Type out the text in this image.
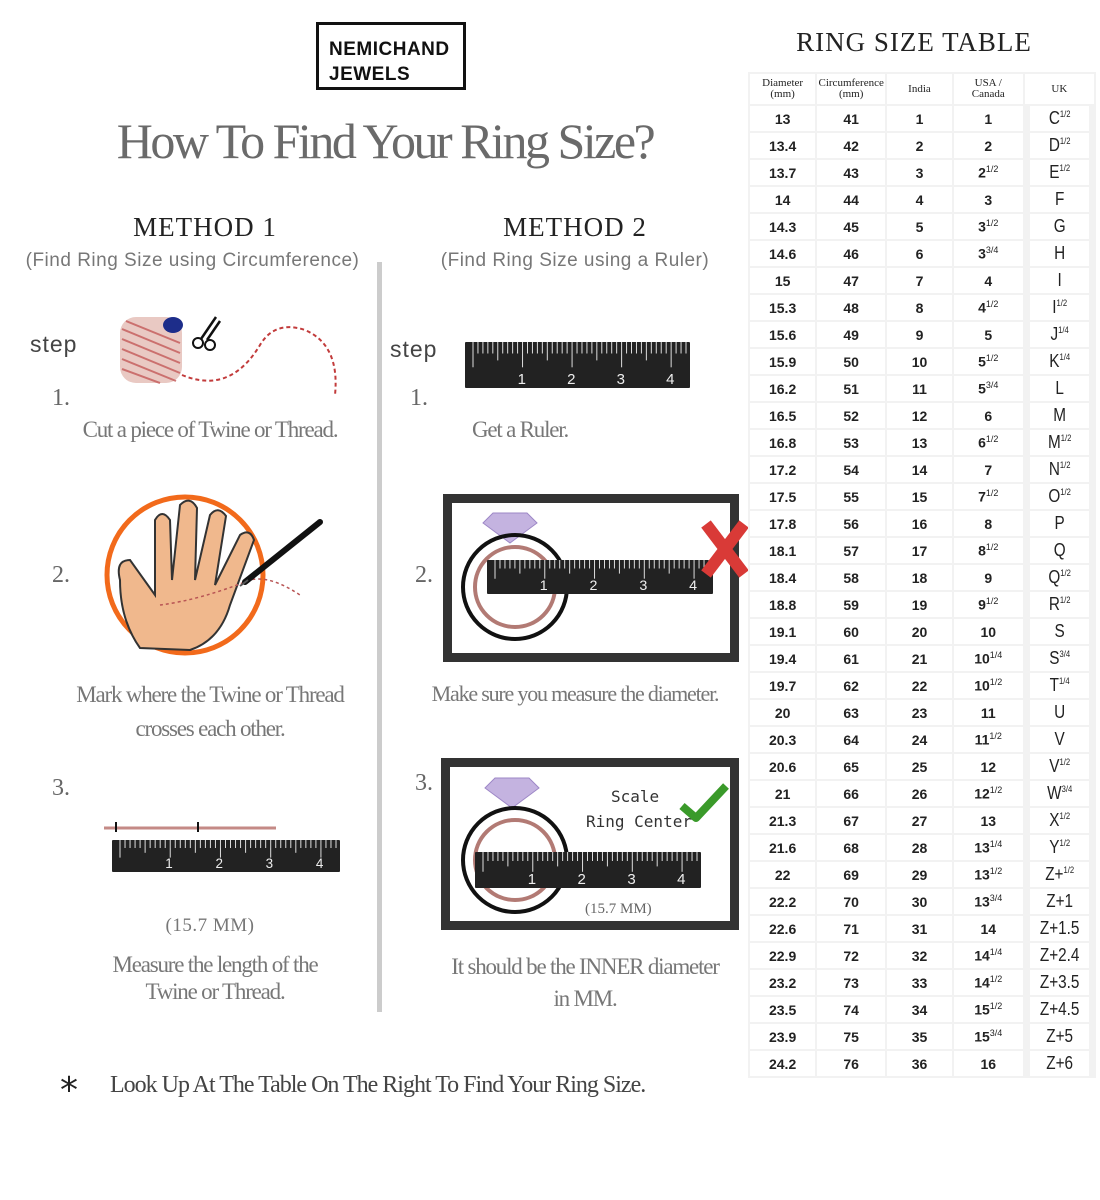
NEMICHAND
JEWELS
How To Find Your Ring Size?
METHOD 1
(Find Ring Size using Circumference)
METHOD 2
(Find Ring Size using a Ruler)
step
1.
Cut a piece of Twine or Thread.
2.
Mark where the Twine or Thread
crosses each other.
3.
1	2	3	4
(15.7 MM)
Measure the length of the
Twine or Thread.
step
1.
1	2	3	4
Get a Ruler.
2.	1	2	3	4
Make sure you measure the diameter.
3.
Scale
Ring Center
1	2	3	4
(15.7 MM)
It should be the INNER diameter
in MM.
* Look Up At The Table On The Right To Find Your Ring Size.
RING SIZE TABLE
Diameter
(mm)	Circumference
(mm)	India	USA /
Canada	UK
13	41	1	1	$C^{1/2}$
13.4	42	2	2	$D^{1/2}$
13.7	43	3	$2^{1/2}$	$E^{1/2}$
14	44	4	3	F
14.3	45	5	$3^{1/2}$	G
14.6	46	6	$3^{3/4}$	H
15	47	7	4	I
15.3	48	8	$4^{1/2}$	$I^{1/2}$
15.6	49	9	5	$J^{1/4}$
15.9	50	10	$5^{1/2}$	$K^{1/4}$
16.2	51	11	$5^{3/4}$	L
16.5	52	12	6	M
16.8	53	13	$6^{1/2}$	$M^{1/2}$
17.2	54	14	7	$N^{1/2}$
17.5	55	15	$7^{1/2}$	$O^{1/2}$
17.8	56	16	8	P
18.1	57	17	$8^{1/2}$	Q
18.4	58	18	9	$Q^{1/2}$
18.8	59	19	$9^{1/2}$	$R^{1/2}$
19.1	60	20	10	S
19.4	61	21	$10^{1/4}$	$S^{3/4}$
19.7	62	22	$10^{1/2}$	$T^{1/4}$
20	63	23	11	U
20.3	64	24	$11^{1/2}$	V
20.6	65	25	12	$V^{1/2}$
21	66	26	$12^{1/2}$	$W^{3/4}$
21.3	67	27	13	$X^{1/2}$
21.6	68	28	$13^{1/4}$	$Y^{1/2}$
22	69	29	$13^{1/2}$	Z+$^{1/2}$
22.2	70	30	$13^{3/4}$	Z+1
22.6	71	31	14	Z+1.5
22.9	72	32	$14^{1/4}$	Z+2.4
23.2	73	33	$14^{1/2}$	Z+3.5
23.5	74	34	$15^{1/2}$	Z+4.5
23.9	75	35	$15^{3/4}$	Z+5
24.2	76	36	16	Z+6
